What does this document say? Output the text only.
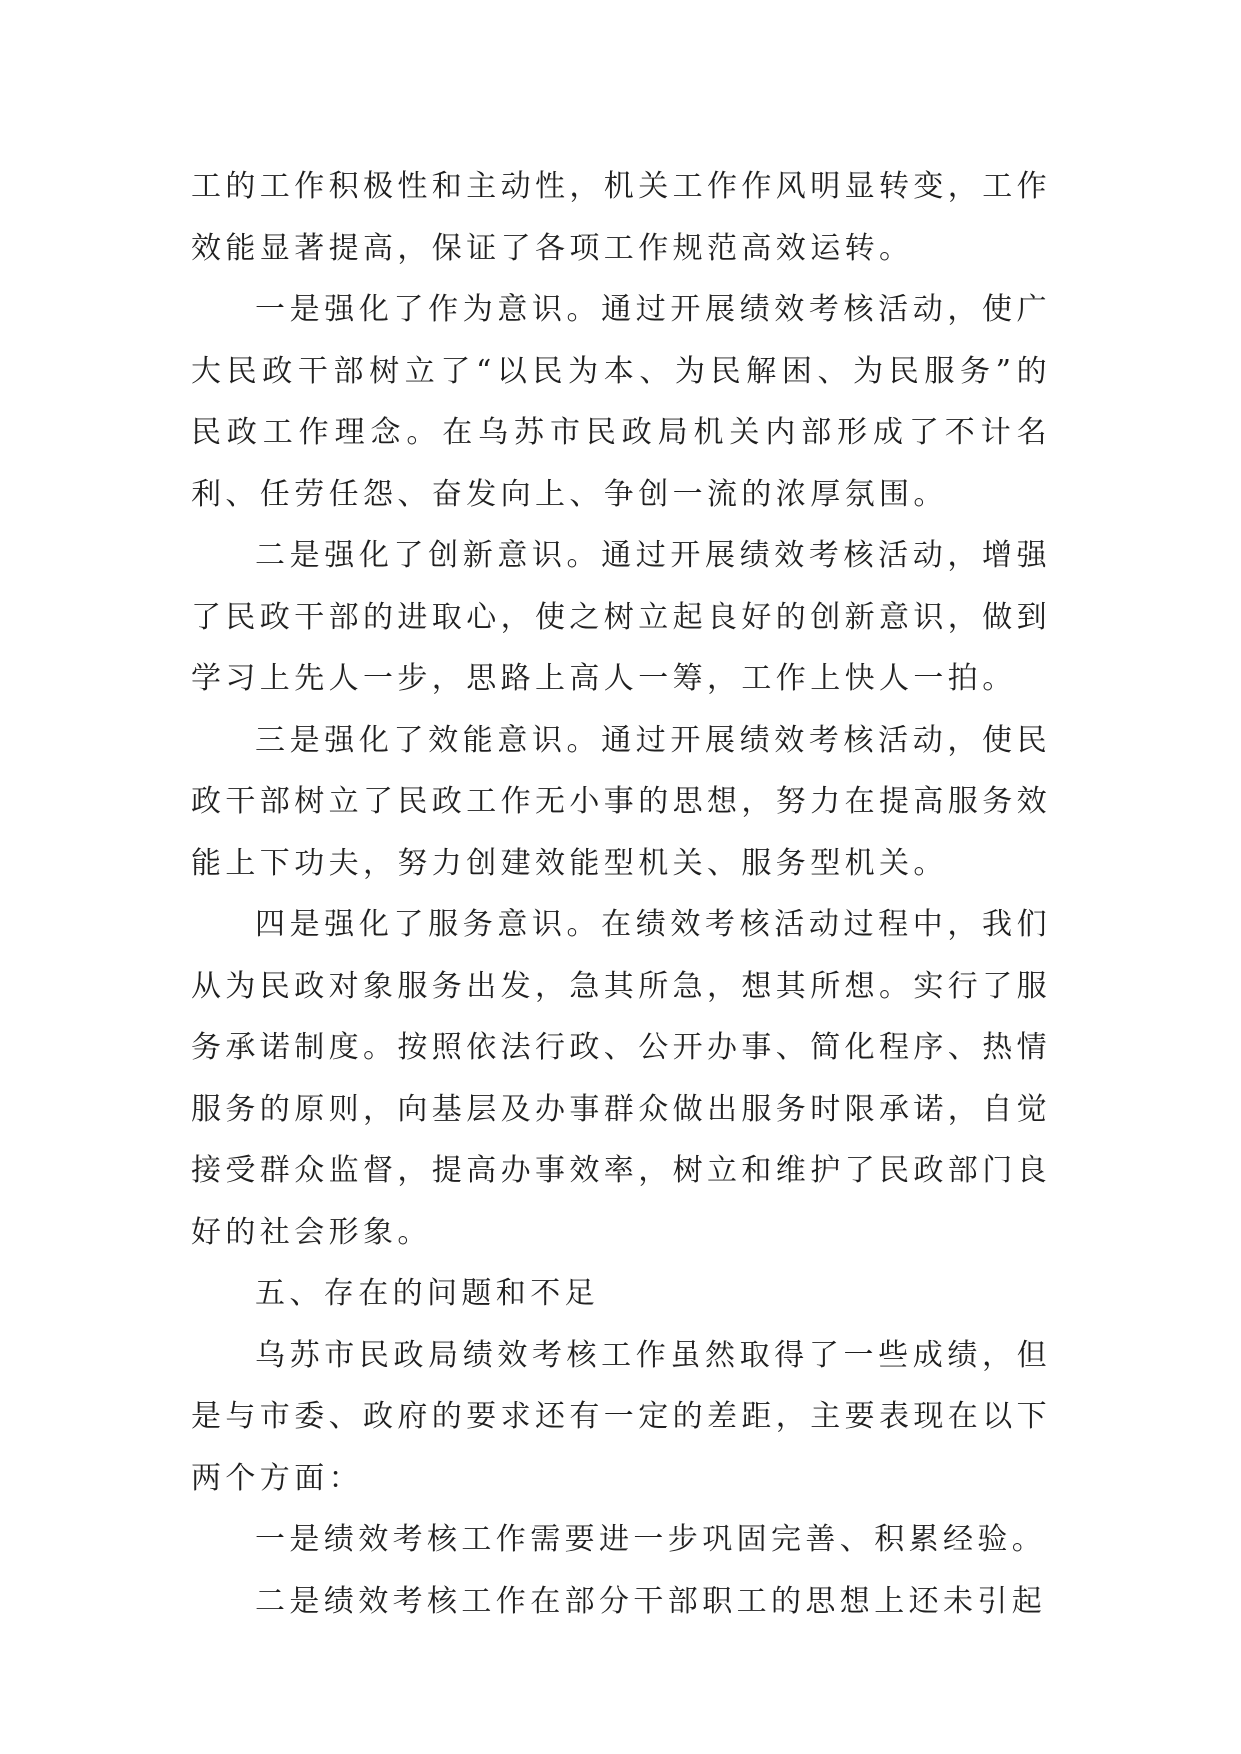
工的工作积极性和主动性，机关工作作风明显转变，工作效能显著提高，保证了各项工作规范高效运转。

一是强化了作为意识。通过开展绩效考核活动，使广大民政干部树立了“以民为本、为民解困、为民服务”的民政工作理念。在乌苏市民政局机关内部形成了不计名利、任劳任怨、奋发向上、争创一流的浓厚氛围。

二是强化了创新意识。通过开展绩效考核活动，增强了民政干部的进取心，使之树立起良好的创新意识，做到学习上先人一步，思路上高人一筹，工作上快人一拍。

三是强化了效能意识。通过开展绩效考核活动，使民政干部树立了民政工作无小事的思想，努力在提高服务效能上下功夫，努力创建效能型机关、服务型机关。

四是强化了服务意识。在绩效考核活动过程中，我们从为民政对象服务出发，急其所急，想其所想。实行了服务承诺制度。按照依法行政、公开办事、简化程序、热情服务的原则，向基层及办事群众做出服务时限承诺，自觉接受群众监督，提高办事效率，树立和维护了民政部门良好的社会形象。

五、存在的问题和不足

乌苏市民政局绩效考核工作虽然取得了一些成绩，但是与市委、政府的要求还有一定的差距，主要表现在以下两个方面：

一是绩效考核工作需要进一步巩固完善、积累经验。

二是绩效考核工作在部分干部职工的思想上还未引起
